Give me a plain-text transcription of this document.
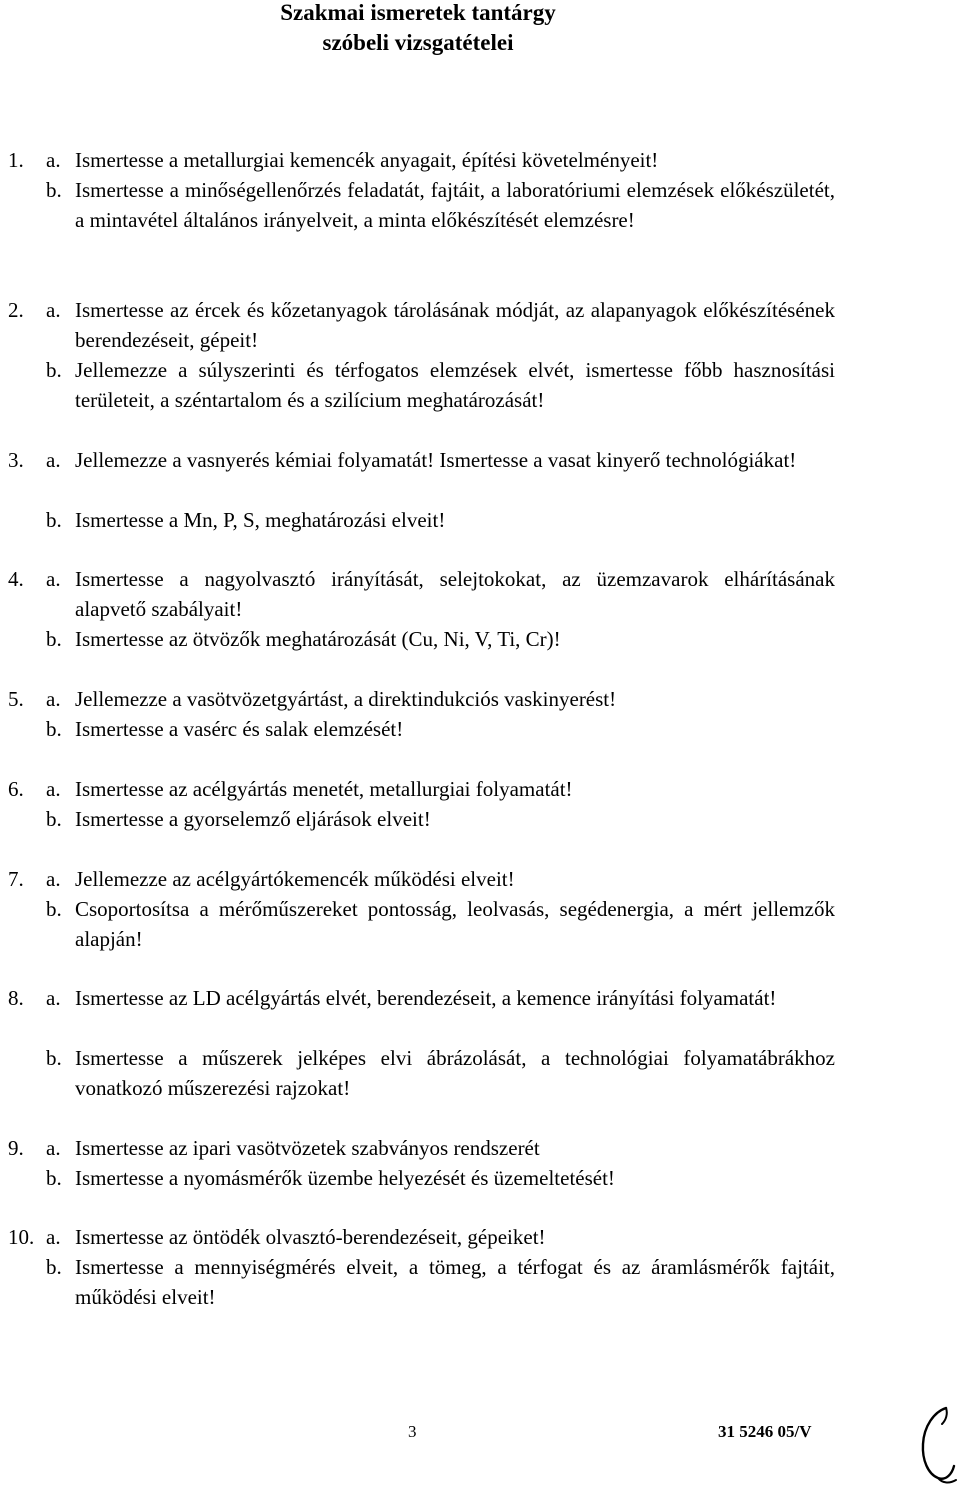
Szakmai ismeretek tantárgy
szóbeli vizsgatételei
1. a. Ismertesse a metallurgiai kemencék anyagait, építési követelményeit!
b. Ismertesse a minőségellenőrzés feladatát, fajtáit, a laboratóriumi elemzések előkészületét, a mintavétel általános irányelveit, a minta előkészítését elemzésre!
2. a. Ismertesse az ércek és kőzetanyagok tárolásának módját, az alapanyagok előkészítésének berendezéseit, gépeit!
b. Jellemezze a súlyszerinti és térfogatos elemzések elvét, ismertesse főbb hasznosítási területeit, a széntartalom és a szilícium meghatározását!
3. a. Jellemezze a vasnyerés kémiai folyamatát! Ismertesse a vasat kinyerő technológiákat!
b. Ismertesse a Mn, P, S, meghatározási elveit!
4. a. Ismertesse a nagyolvasztó irányítását, selejtokokat, az üzemzavarok elhárításának alapvető szabályait!
b. Ismertesse az ötvözők meghatározását (Cu, Ni, V, Ti, Cr)!
5. a. Jellemezze a vasötvözetgyártást, a direktindukciós vaskinyerést!
b. Ismertesse a vasérc és salak elemzését!
6. a. Ismertesse az acélgyártás menetét, metallurgiai folyamatát!
b. Ismertesse a gyorselemző eljárások elveit!
7. a. Jellemezze az acélgyártókemencék működési elveit!
b. Csoportosítsa a mérőműszereket pontosság, leolvasás, segédenergia, a mért jellemzők alapján!
8. a. Ismertesse az LD acélgyártás elvét, berendezéseit, a kemence irányítási folyamatát!
b. Ismertesse a műszerek jelképes elvi ábrázolását, a technológiai folyamatábrákhoz vonatkozó műszerezési rajzokat!
9. a. Ismertesse az ipari vasötvözetek szabványos rendszerét
b. Ismertesse a nyomásmérők üzembe helyezését és üzemeltetését!
10. a. Ismertesse az öntödék olvasztó-berendezéseit, gépeiket!
b. Ismertesse a mennyiségmérés elveit, a tömeg, a térfogat és az áramlásmérők fajtáit, működési elveit!
3	31 5246 05/V
